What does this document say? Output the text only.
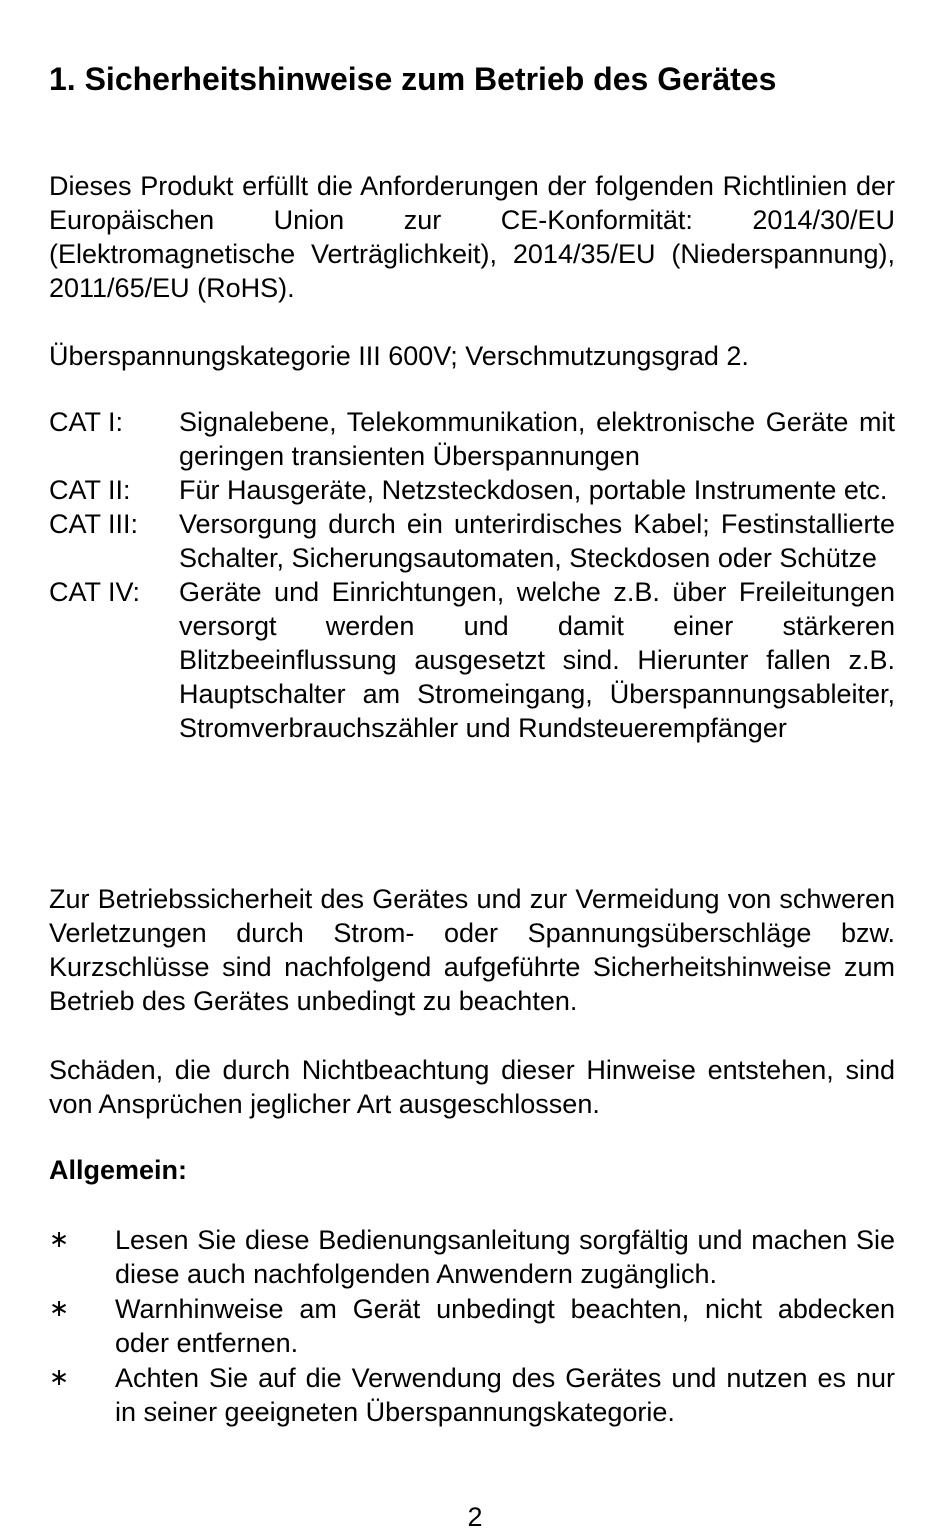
1. Sicherheitshinweise zum Betrieb des Gerätes

Dieses Produkt erfüllt die Anforderungen der folgenden Richtlinien der Europäischen Union zur CE-Konformität: 2014/30/EU (Elektromagnetische Verträglichkeit), 2014/35/EU (Niederspannung), 2011/65/EU (RoHS).

Überspannungskategorie III 600V; Verschmutzungsgrad 2.

CAT I:	Signalebene, Telekommunikation, elektronische Geräte mit geringen transienten Überspannungen
CAT II:	Für Hausgeräte, Netzsteckdosen, portable Instrumente etc.
CAT III:	Versorgung durch ein unterirdisches Kabel; Festinstallierte Schalter, Sicherungsautomaten, Steckdosen oder Schütze
CAT IV:	Geräte und Einrichtungen, welche z.B. über Freileitungen versorgt werden und damit einer stärkeren Blitzbeeinflussung ausgesetzt sind. Hierunter fallen z.B. Hauptschalter am Stromeingang, Überspannungsableiter, Stromverbrauchszähler und Rundsteuerempfänger

Zur Betriebssicherheit des Gerätes und zur Vermeidung von schweren Verletzungen durch Strom- oder Spannungsüberschläge bzw. Kurzschlüsse sind nachfolgend aufgeführte Sicherheitshinweise zum Betrieb des Gerätes unbedingt zu beachten.

Schäden, die durch Nichtbeachtung dieser Hinweise entstehen, sind von Ansprüchen jeglicher Art ausgeschlossen.

Allgemein:
∗	Lesen Sie diese Bedienungsanleitung sorgfältig und machen Sie diese auch nachfolgenden Anwendern zugänglich.
∗	Warnhinweise am Gerät unbedingt beachten, nicht abdecken oder entfernen.
∗	Achten Sie auf die Verwendung des Gerätes und nutzen es nur in seiner geeigneten Überspannungskategorie.
2
